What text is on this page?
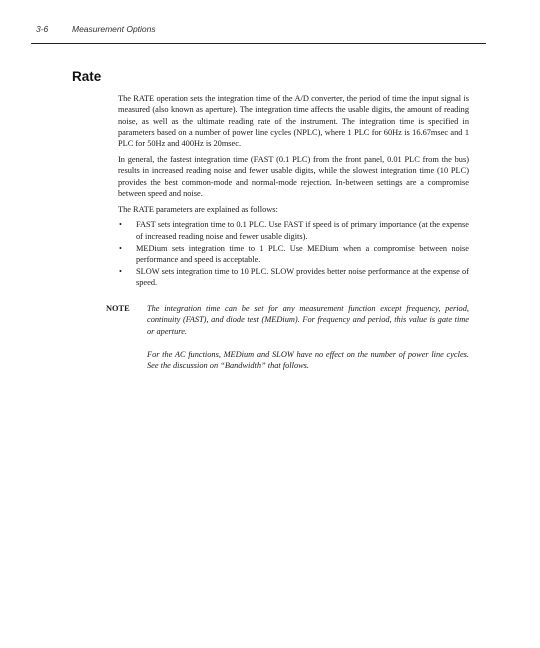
3-6	Measurement Options
Rate

The RATE operation sets the integration time of the A/D converter, the period of time the input signal is measured (also known as aperture). The integration time affects the usable digits, the amount of reading noise, as well as the ultimate reading rate of the instrument. The integration time is specified in parameters based on a number of power line cycles (NPLC), where 1 PLC for 60Hz is 16.67msec and 1 PLC for 50Hz and 400Hz is 20msec.

In general, the fastest integration time (FAST (0.1 PLC) from the front panel, 0.01 PLC from the bus) results in increased reading noise and fewer usable digits, while the slowest integration time (10 PLC) provides the best common-mode and normal-mode rejection. In-between settings are a compromise between speed and noise.

The RATE parameters are explained as follows:

• FAST sets integration time to 0.1 PLC. Use FAST if speed is of primary importance (at the expense of increased reading noise and fewer usable digits).
• MEDium sets integration time to 1 PLC. Use MEDium when a compromise between noise performance and speed is acceptable.
• SLOW sets integration time to 10 PLC. SLOW provides better noise performance at the expense of speed.
NOTE The integration time can be set for any measurement function except frequency, period, continuity (FAST), and diode test (MEDium). For frequency and period, this value is gate time or aperture.

For the AC functions, MEDium and SLOW have no effect on the number of power line cycles. See the discussion on “Bandwidth” that follows.
